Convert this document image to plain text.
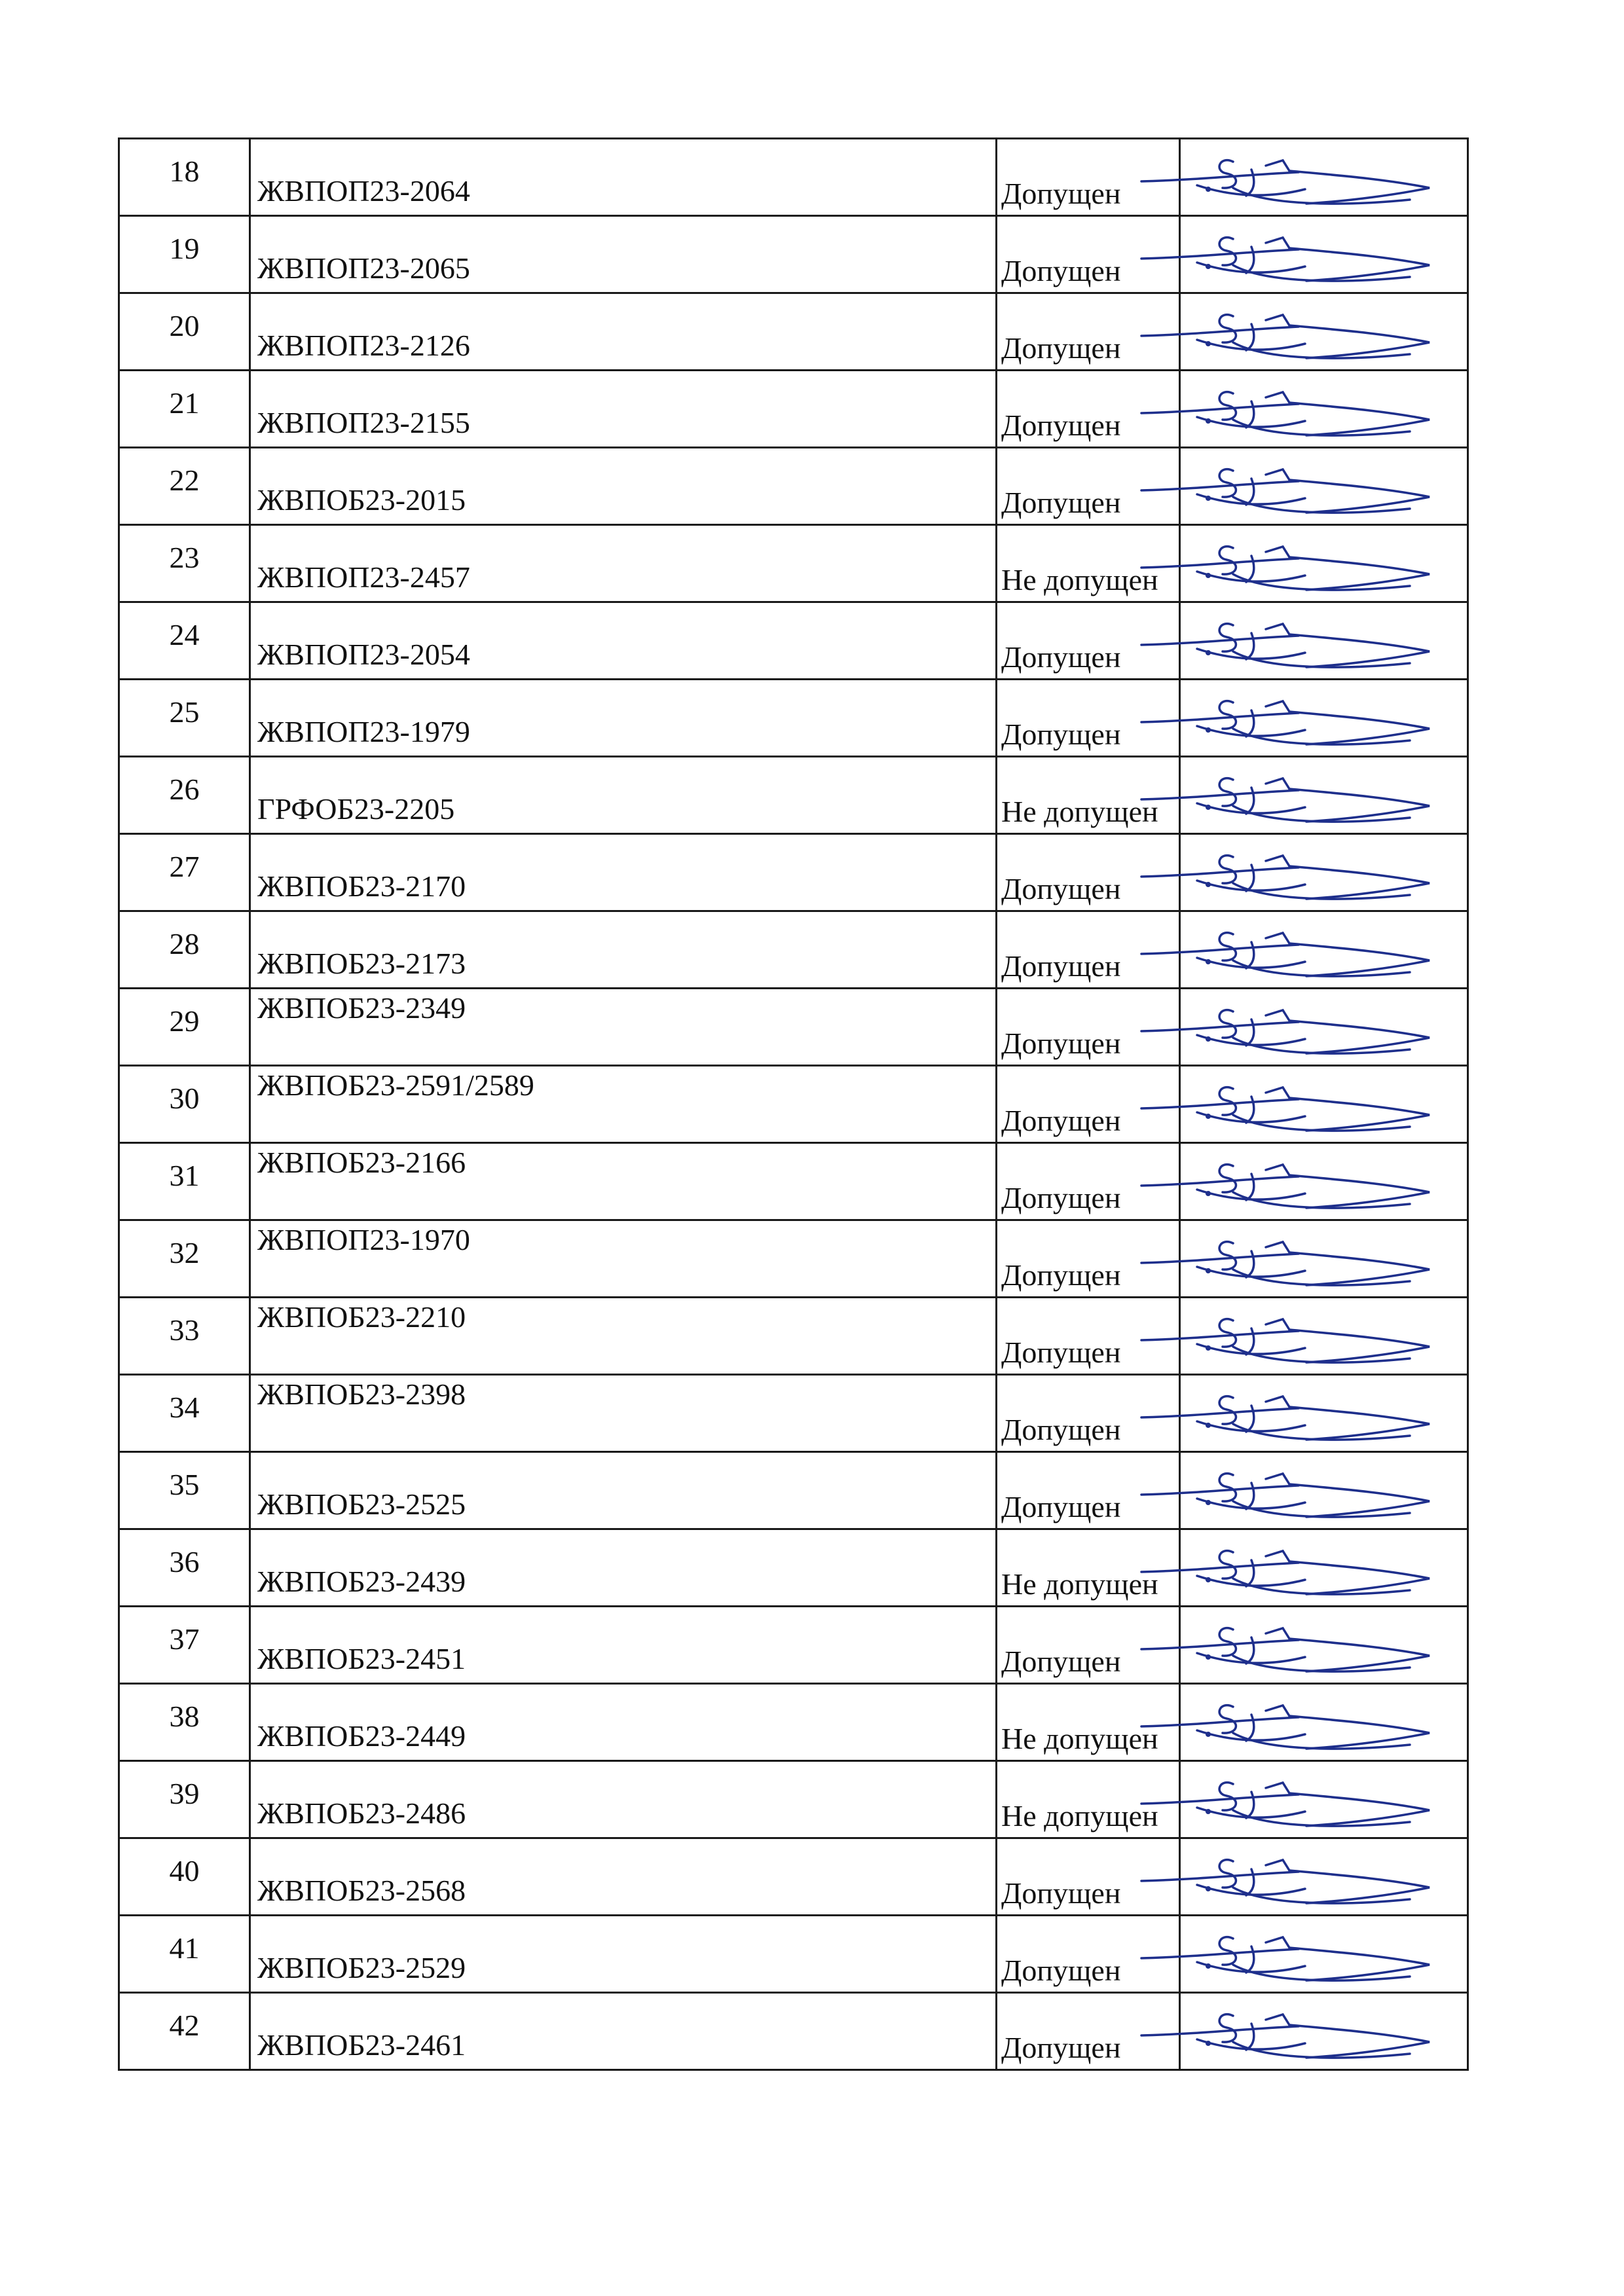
18	ЖВПОП23-2064	Допущен

19	ЖВПОП23-2065	Допущен

20	ЖВПОП23-2126	Допущен

21	ЖВПОП23-2155	Допущен

22	ЖВПОБ23-2015	Допущен

23	ЖВПОП23-2457	Не допущен

24	ЖВПОП23-2054	Допущен

25	ЖВПОП23-1979	Допущен

26	ГРФОБ23-2205	Не допущен

27	ЖВПОБ23-2170	Допущен

28	ЖВПОБ23-2173	Допущен

29	ЖВПОБ23-2349	Допущен

30	ЖВПОБ23-2591/2589	Допущен

31	ЖВПОБ23-2166	Допущен

32	ЖВПОП23-1970	Допущен

33	ЖВПОБ23-2210	Допущен

34	ЖВПОБ23-2398	Допущен

35	ЖВПОБ23-2525	Допущен

36	ЖВПОБ23-2439	Не допущен

37	ЖВПОБ23-2451	Допущен

38	ЖВПОБ23-2449	Не допущен

39	ЖВПОБ23-2486	Не допущен

40	ЖВПОБ23-2568	Допущен

41	ЖВПОБ23-2529	Допущен

42	ЖВПОБ23-2461	Допущен
